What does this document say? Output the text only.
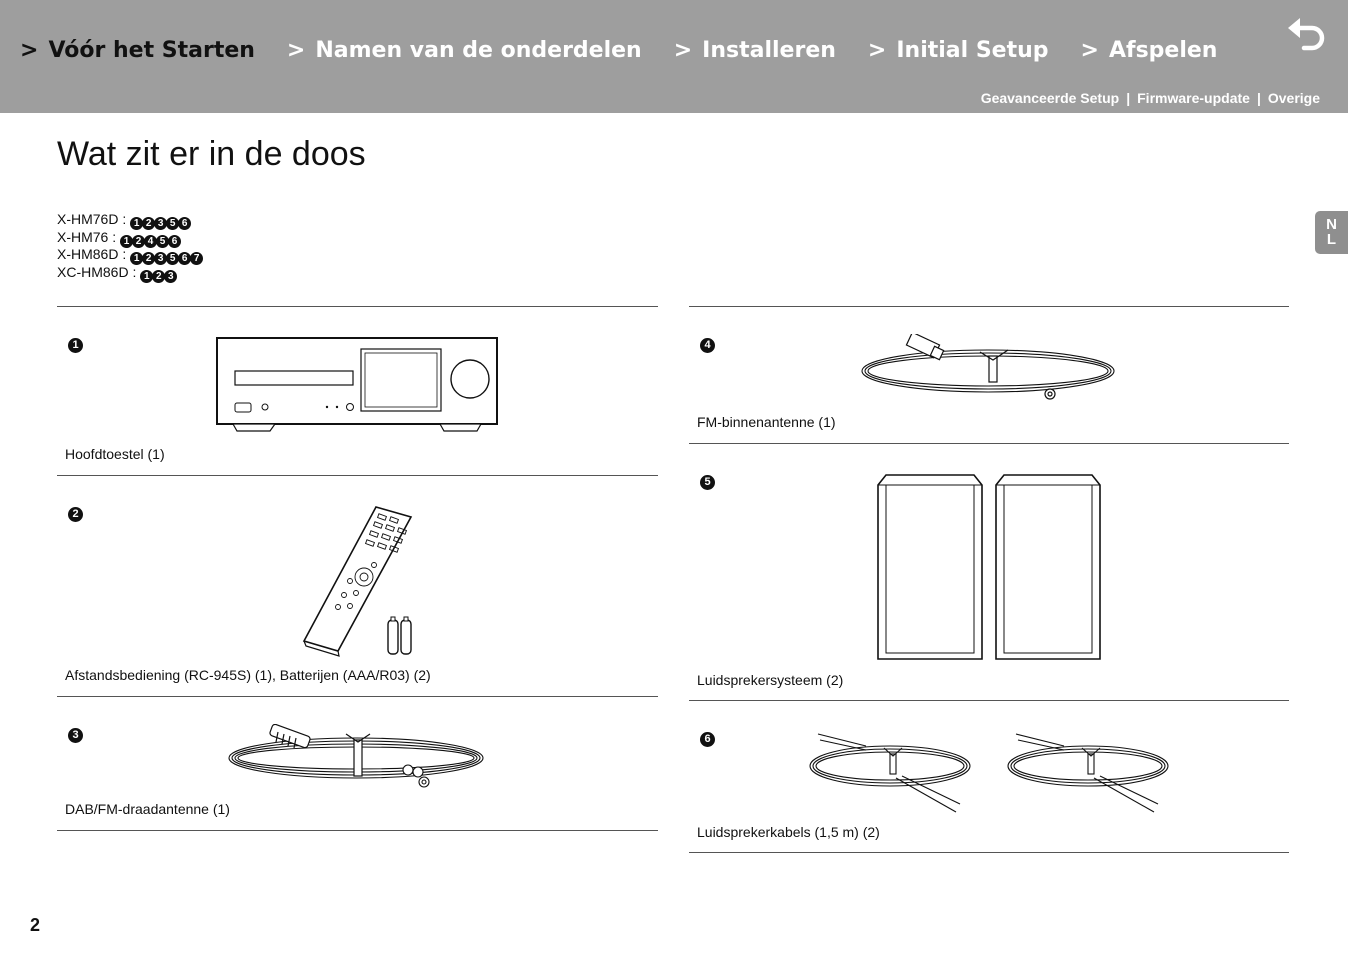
> Vóór het Starten > Namen van de onderdelen > Installeren > Initial Setup > Afspelen
Geavanceerde Setup | Firmware-update | Overige
Wat zit er in de doos
N
L
X-HM76D : 1 2 3 5 6
X-HM76 : 1 2 4 5 6
X-HM86D : 1 2 3 5 6 7
XC-HM86D : 1 2 3
1
Hoofdtoestel (1)
2
Afstandsbediening (RC-945S) (1), Batterijen (AAA/R03) (2)
3
DAB/FM-draadantenne (1)
4
FM-binnenantenne (1)
5
Luidsprekersysteem (2)
6
Luidsprekerkabels (1,5 m) (2)
2
